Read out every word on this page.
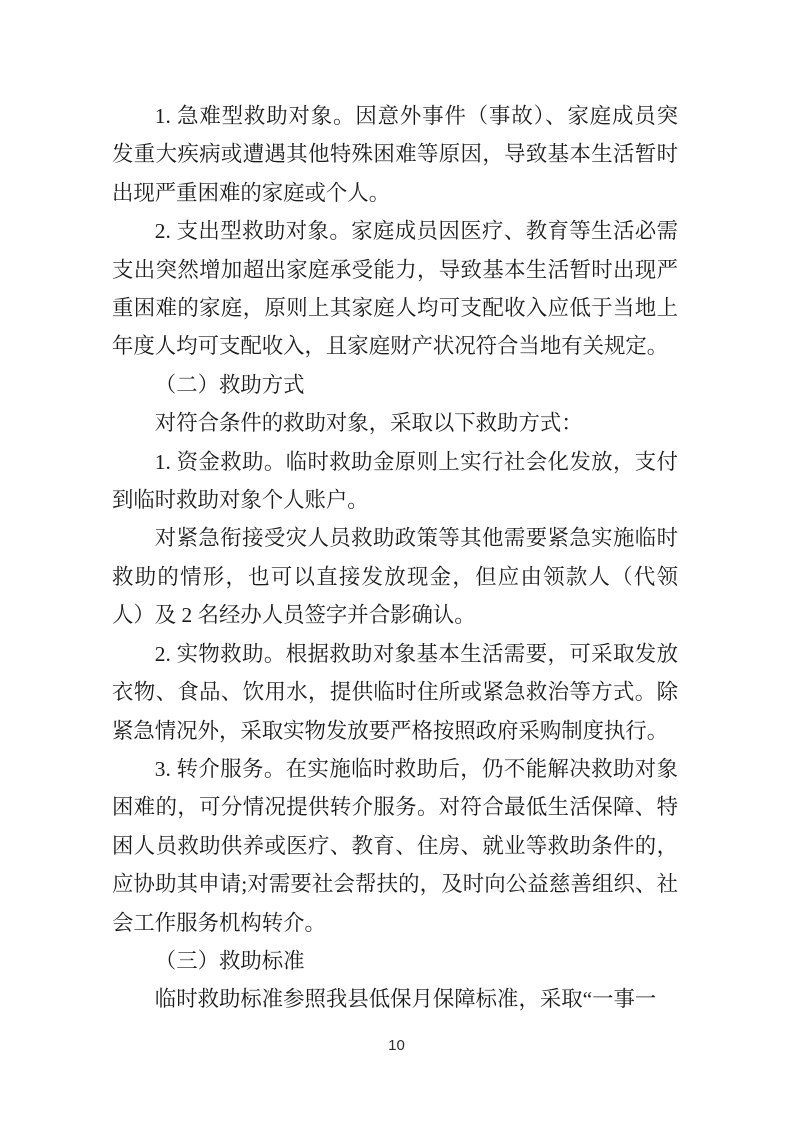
1. 急难型救助对象。因意外事件（事故）、家庭成员突发重大疾病或遭遇其他特殊困难等原因，导致基本生活暂时出现严重困难的家庭或个人。

2. 支出型救助对象。家庭成员因医疗、教育等生活必需支出突然增加超出家庭承受能力，导致基本生活暂时出现严重困难的家庭，原则上其家庭人均可支配收入应低于当地上年度人均可支配收入，且家庭财产状况符合当地有关规定。

（二）救助方式

对符合条件的救助对象，采取以下救助方式：

1. 资金救助。临时救助金原则上实行社会化发放，支付到临时救助对象个人账户。

对紧急衔接受灾人员救助政策等其他需要紧急实施临时救助的情形，也可以直接发放现金，但应由领款人（代领人）及 2 名经办人员签字并合影确认。

2. 实物救助。根据救助对象基本生活需要，可采取发放衣物、食品、饮用水，提供临时住所或紧急救治等方式。除紧急情况外，采取实物发放要严格按照政府采购制度执行。

3. 转介服务。在实施临时救助后，仍不能解决救助对象困难的，可分情况提供转介服务。对符合最低生活保障、特困人员救助供养或医疗、教育、住房、就业等救助条件的，应协助其申请;对需要社会帮扶的，及时向公益慈善组织、社会工作服务机构转介。

（三）救助标准

临时救助标准参照我县低保月保障标准，采取“一事一

10
